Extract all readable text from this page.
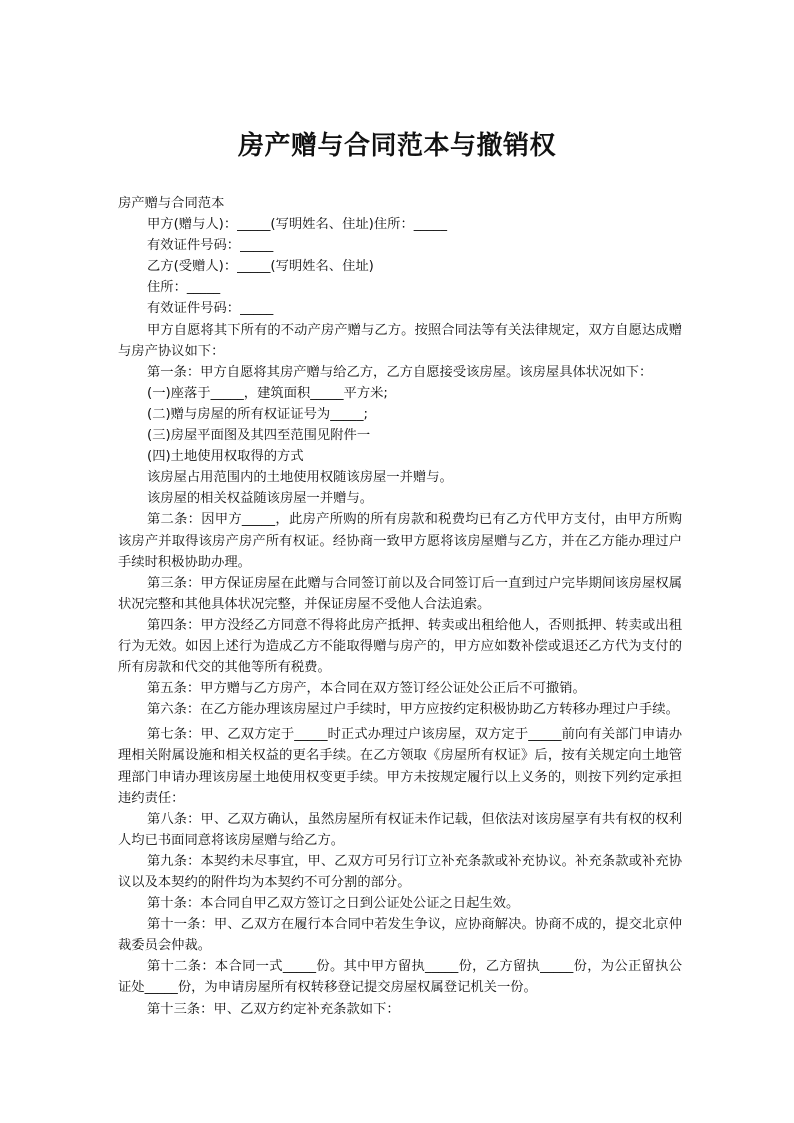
房产赠与合同范本与撤销权

房产赠与合同范本

甲方(赠与人)：_____(写明姓名、住址)住所：_____

有效证件号码：_____

乙方(受赠人)：_____(写明姓名、住址)

住所：_____

有效证件号码：_____

甲方自愿将其下所有的不动产房产赠与乙方。按照合同法等有关法律规定，双方自愿达成赠与房产协议如下：

第一条：甲方自愿将其房产赠与给乙方，乙方自愿接受该房屋。该房屋具体状况如下：

(一)座落于_____，建筑面积_____平方米;

(二)赠与房屋的所有权证证号为_____;

(三)房屋平面图及其四至范围见附件一

(四)土地使用权取得的方式

该房屋占用范围内的土地使用权随该房屋一并赠与。

该房屋的相关权益随该房屋一并赠与。

第二条：因甲方_____，此房产所购的所有房款和税费均已有乙方代甲方支付，由甲方所购该房产并取得该房产房产所有权证。经协商一致甲方愿将该房屋赠与乙方，并在乙方能办理过户手续时积极协助办理。

第三条：甲方保证房屋在此赠与合同签订前以及合同签订后一直到过户完毕期间该房屋权属状况完整和其他具体状况完整，并保证房屋不受他人合法追索。

第四条：甲方没经乙方同意不得将此房产抵押、转卖或出租给他人，否则抵押、转卖或出租行为无效。如因上述行为造成乙方不能取得赠与房产的，甲方应如数补偿或退还乙方代为支付的所有房款和代交的其他等所有税费。

第五条：甲方赠与乙方房产，本合同在双方签订经公证处公正后不可撤销。

第六条：在乙方能办理该房屋过户手续时，甲方应按约定积极协助乙方转移办理过户手续。

第七条：甲、乙双方定于_____时正式办理过户该房屋，双方定于_____前向有关部门申请办理相关附属设施和相关权益的更名手续。在乙方领取《房屋所有权证》后，按有关规定向土地管理部门申请办理该房屋土地使用权变更手续。甲方未按规定履行以上义务的，则按下列约定承担违约责任：

第八条：甲、乙双方确认，虽然房屋所有权证未作记载，但依法对该房屋享有共有权的权利人均已书面同意将该房屋赠与给乙方。

第九条：本契约未尽事宜，甲、乙双方可另行订立补充条款或补充协议。补充条款或补充协议以及本契约的附件均为本契约不可分割的部分。

第十条：本合同自甲乙双方签订之日到公证处公证之日起生效。

第十一条：甲、乙双方在履行本合同中若发生争议，应协商解决。协商不成的，提交北京仲裁委员会仲裁。

第十二条：本合同一式_____份。其中甲方留执_____份，乙方留执_____份，为公正留执公证处_____份，为申请房屋所有权转移登记提交房屋权属登记机关一份。

第十三条：甲、乙双方约定补充条款如下：
